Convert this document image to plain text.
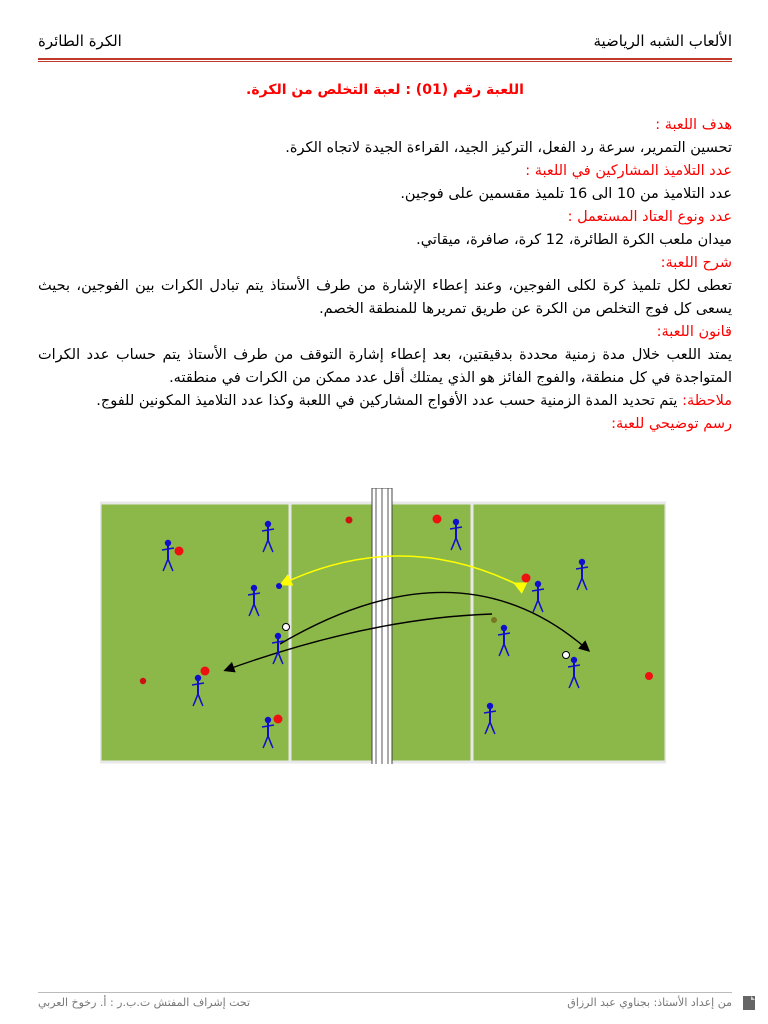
الألعاب الشبه الرياضية
الكرة الطائرة
اللعبة رقم (01) : لعبة التخلص من الكرة.

هدف اللعبة :

تحسين التمرير، سرعة رد الفعل، التركيز الجيد، القراءة الجيدة لاتجاه الكرة.

عدد التلاميذ المشاركين في اللعبة :

عدد التلاميذ من 10 الى 16 تلميذ مقسمين على فوجين.

عدد ونوع العتاد المستعمل :

ميدان ملعب الكرة الطائرة، 12 كرة، صافرة، ميقاتي.

شرح اللعبة:

تعطى لكل تلميذ كرة لكلى الفوجين، وعند إعطاء الإشارة من طرف الأستاذ يتم تبادل الكرات بين الفوجين، بحيث يسعى كل فوج التخلص من الكرة عن طريق تمريرها للمنطقة الخصم.

قانون اللعبة:

يمتد اللعب خلال مدة زمنية محددة بدقيقتين، بعد إعطاء إشارة التوقف من طرف الأستاذ يتم حساب عدد الكرات المتواجدة في كل منطقة، والفوج الفائز هو الذي يمتلك أقل عدد ممكن من الكرات في منطقته.

ملاحظة: يتم تحديد المدة الزمنية حسب عدد الأفواج المشاركين في اللعبة وكذا عدد التلاميذ المكونين للفوج.

رسم توضيحي للعبة:

من إعداد الأستاذ: بجناوي عبد الرزاق
تحت إشراف المفتش ت.ب.ر : أ. رخوخ العربي
